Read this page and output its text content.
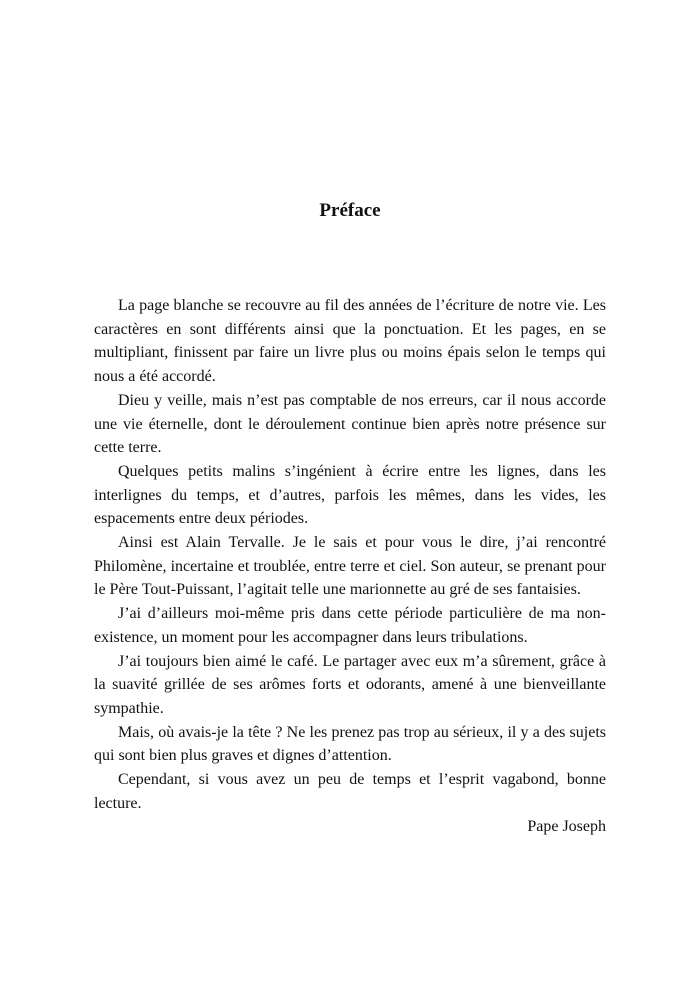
Préface

La page blanche se recouvre au fil des années de l’écriture de notre vie. Les caractères en sont différents ainsi que la ponctuation. Et les pages, en se multipliant, finissent par faire un livre plus ou moins épais selon le temps qui nous a été accordé.

Dieu y veille, mais n’est pas comptable de nos erreurs, car il nous accorde une vie éternelle, dont le déroulement continue bien après notre présence sur cette terre.

Quelques petits malins s’ingénient à écrire entre les lignes, dans les interlignes du temps, et d’autres, parfois les mêmes, dans les vides, les espacements entre deux périodes.

Ainsi est Alain Tervalle. Je le sais et pour vous le dire, j’ai rencontré Philomène, incertaine et troublée, entre terre et ciel. Son auteur, se prenant pour le Père Tout-Puissant, l’agitait telle une marionnette au gré de ses fantaisies.

J’ai d’ailleurs moi-même pris dans cette période particulière de ma non-existence, un moment pour les accompagner dans leurs tribulations.

J’ai toujours bien aimé le café. Le partager avec eux m’a sûrement, grâce à la suavité grillée de ses arômes forts et odorants, amené à une bienveillante sympathie.

Mais, où avais-je la tête ? Ne les prenez pas trop au sérieux, il y a des sujets qui sont bien plus graves et dignes d’attention.

Cependant, si vous avez un peu de temps et l’esprit vagabond, bonne lecture.

Pape Joseph
